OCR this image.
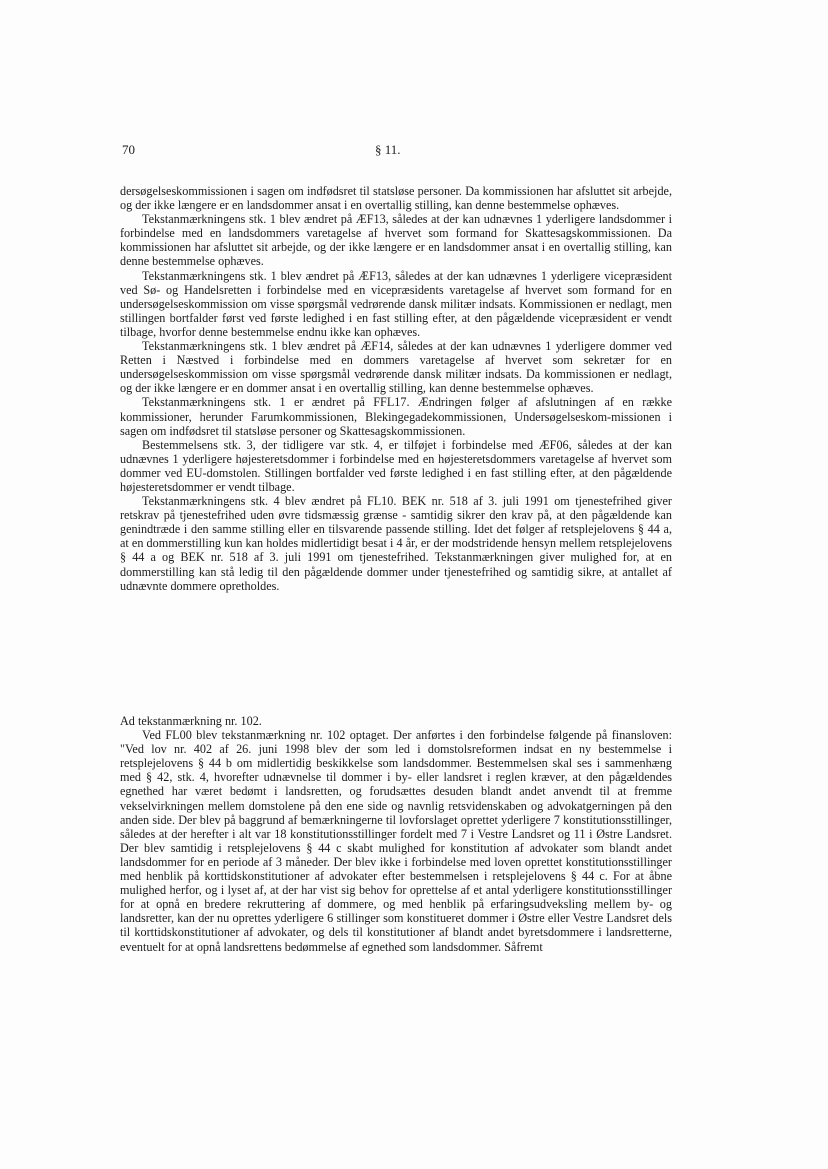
70	§ 11.

dersøgelseskommissionen i sagen om indfødsret til statsløse personer. Da kommissionen har afsluttet sit arbejde, og der ikke længere er en landsdommer ansat i en overtallig stilling, kan denne bestemmelse ophæves.

Tekstanmærkningens stk. 1 blev ændret på ÆF13, således at der kan udnævnes 1 yderligere landsdommer i forbindelse med en landsdommers varetagelse af hvervet som formand for Skattesagskommissionen. Da kommissionen har afsluttet sit arbejde, og der ikke længere er en landsdommer ansat i en overtallig stilling, kan denne bestemmelse ophæves.

Tekstanmærkningens stk. 1 blev ændret på ÆF13, således at der kan udnævnes 1 yderligere vicepræsident ved Sø- og Handelsretten i forbindelse med en vicepræsidents varetagelse af hvervet som formand for en undersøgelseskommission om visse spørgsmål vedrørende dansk militær indsats. Kommissionen er nedlagt, men stillingen bortfalder først ved første ledighed i en fast stilling efter, at den pågældende vicepræsident er vendt tilbage, hvorfor denne bestemmelse endnu ikke kan ophæves.

Tekstanmærkningens stk. 1 blev ændret på ÆF14, således at der kan udnævnes 1 yderligere dommer ved Retten i Næstved i forbindelse med en dommers varetagelse af hvervet som sekretær for en undersøgelseskommission om visse spørgsmål vedrørende dansk militær indsats. Da kommissionen er nedlagt, og der ikke længere er en dommer ansat i en overtallig stilling, kan denne bestemmelse ophæves.

Tekstanmærkningens stk. 1 er ændret på FFL17. Ændringen følger af afslutningen af en række kommissioner, herunder Farumkommissionen, Blekingegadekommissionen, Undersøgelseskom-missionen i sagen om indfødsret til statsløse personer og Skattesagskommissionen.

Bestemmelsens stk. 3, der tidligere var stk. 4, er tilføjet i forbindelse med ÆF06, således at der kan udnævnes 1 yderligere højesteretsdommer i forbindelse med en højesteretsdommers varetagelse af hvervet som dommer ved EU-domstolen. Stillingen bortfalder ved første ledighed i en fast stilling efter, at den pågældende højesteretsdommer er vendt tilbage.

Tekstanmærkningens stk. 4 blev ændret på FL10. BEK nr. 518 af 3. juli 1991 om tjenestefrihed giver retskrav på tjenestefrihed uden øvre tidsmæssig grænse - samtidig sikrer den krav på, at den pågældende kan genindtræde i den samme stilling eller en tilsvarende passende stilling. Idet det følger af retsplejelovens § 44 a, at en dommerstilling kun kan holdes midlertidigt besat i 4 år, er der modstridende hensyn mellem retsplejelovens § 44 a og BEK nr. 518 af 3. juli 1991 om tjenestefrihed. Tekstanmærkningen giver mulighed for, at en dommerstilling kan stå ledig til den pågældende dommer under tjenestefrihed og samtidig sikre, at antallet af udnævnte dommere opretholdes.

Ad tekstanmærkning nr. 102.

Ved FL00 blev tekstanmærkning nr. 102 optaget. Der anførtes i den forbindelse følgende på finansloven: "Ved lov nr. 402 af 26. juni 1998 blev der som led i domstolsreformen indsat en ny bestemmelse i retsplejelovens § 44 b om midlertidig beskikkelse som landsdommer. Bestemmelsen skal ses i sammenhæng med § 42, stk. 4, hvorefter udnævnelse til dommer i by- eller landsret i reglen kræver, at den pågældendes egnethed har været bedømt i landsretten, og forudsættes desuden blandt andet anvendt til at fremme vekselvirkningen mellem domstolene på den ene side og navnlig retsvidenskaben og advokatgerningen på den anden side. Der blev på baggrund af bemærkningerne til lovforslaget oprettet yderligere 7 konstitutionsstillinger, således at der herefter i alt var 18 konstitutionsstillinger fordelt med 7 i Vestre Landsret og 11 i Østre Landsret. Der blev samtidig i retsplejelovens § 44 c skabt mulighed for konstitution af advokater som blandt andet landsdommer for en periode af 3 måneder. Der blev ikke i forbindelse med loven oprettet konstitutionsstillinger med henblik på korttidskonstitutioner af advokater efter bestemmelsen i retsplejelovens § 44 c. For at åbne mulighed herfor, og i lyset af, at der har vist sig behov for oprettelse af et antal yderligere konstitutionsstillinger for at opnå en bredere rekruttering af dommere, og med henblik på erfaringsudveksling mellem by- og landsretter, kan der nu oprettes yderligere 6 stillinger som konstitueret dommer i Østre eller Vestre Landsret dels til korttidskonstitutioner af advokater, og dels til konstitutioner af blandt andet byretsdommere i landsretterne, eventuelt for at opnå landsrettens bedømmelse af egnethed som landsdommer. Såfremt
